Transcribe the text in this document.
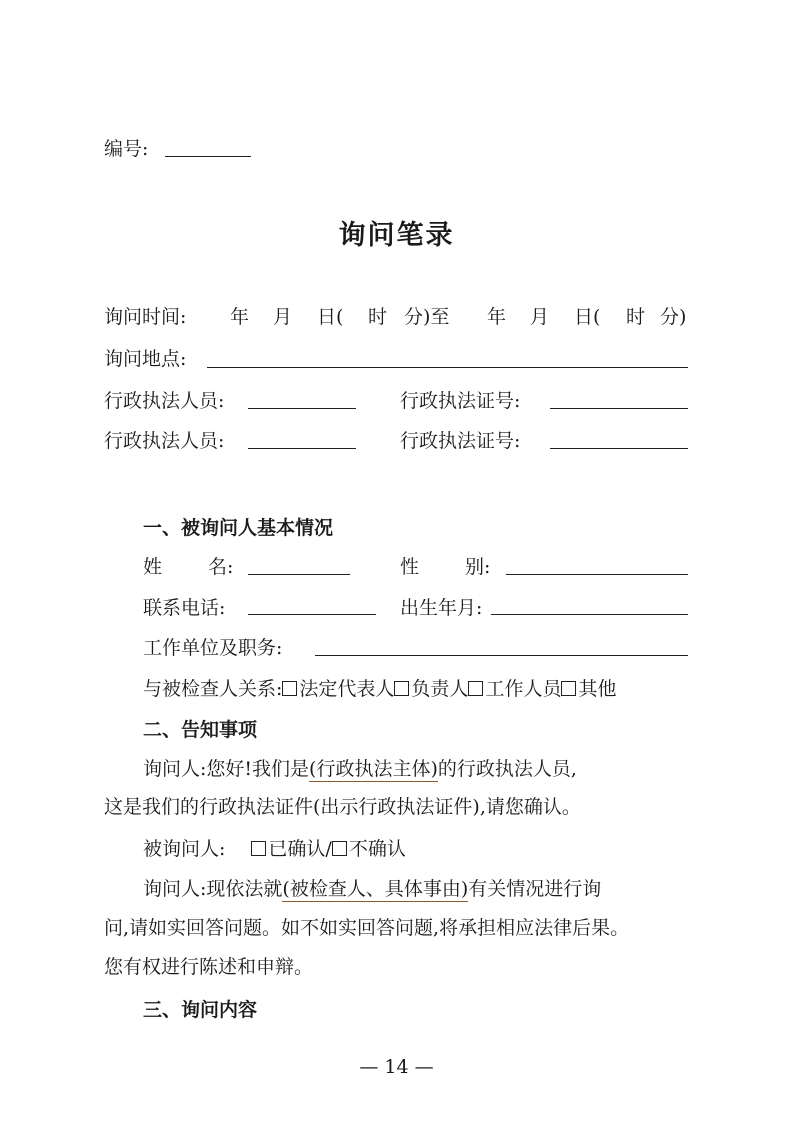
编号:
询问笔录
询问时间: 年 月 日( 时 分)至 年 月 日( 时 分)
询问地点:
行政执法人员:	行政执法证号:
行政执法人员:	行政执法证号:
一、被询问人基本情况
姓 名:	性 别:
联系电话:	出生年月:
工作单位及职务:
与被检查人关系: 法定代表人 负责人 工作人员 其他
二、告知事项
询问人:您好!我们是(行政执法主体)的行政执法人员,
这是我们的行政执法证件(出示行政执法证件),请您确认。
被询问人: 已确认/ 不确认
询问人:现依法就(被检查人、具体事由)有关情况进行询
问,请如实回答问题。如不如实回答问题,将承担相应法律后果。
您有权进行陈述和申辩。
三、询问内容
— 14 —
